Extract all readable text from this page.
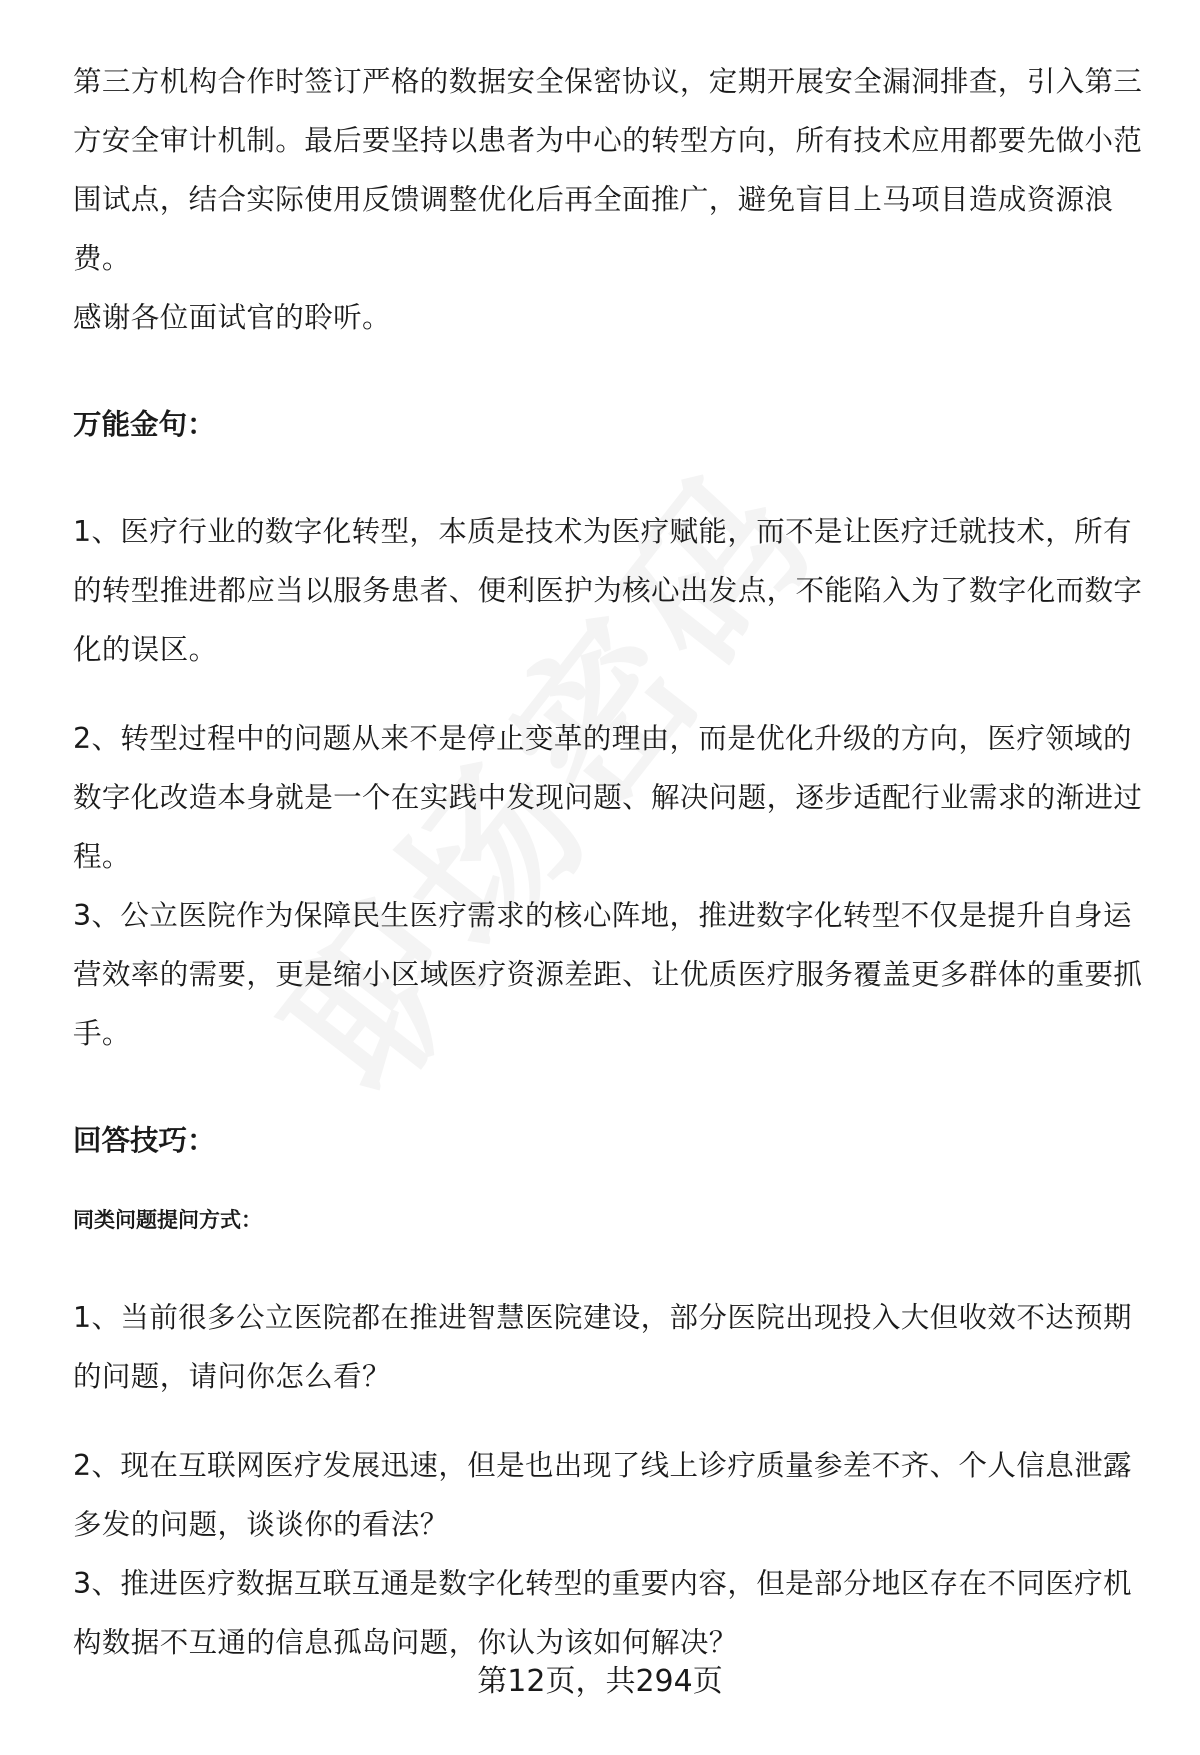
第三方机构合作时签订严格的数据安全保密协议，定期开展安全漏洞排查，引入第三方安全审计机制。最后要坚持以患者为中心的转型方向，所有技术应用都要先做小范围试点，结合实际使用反馈调整优化后再全面推广，避免盲目上马项目造成资源浪费。

感谢各位面试官的聆听。

万能金句：

1、医疗行业的数字化转型，本质是技术为医疗赋能，而不是让医疗迁就技术，所有的转型推进都应当以服务患者、便利医护为核心出发点，不能陷入为了数字化而数字化的误区。

2、转型过程中的问题从来不是停止变革的理由，而是优化升级的方向，医疗领域的数字化改造本身就是一个在实践中发现问题、解决问题，逐步适配行业需求的渐进过程。

3、公立医院作为保障民生医疗需求的核心阵地，推进数字化转型不仅是提升自身运营效率的需要，更是缩小区域医疗资源差距、让优质医疗服务覆盖更多群体的重要抓手。

回答技巧：

同类问题提问方式：

1、当前很多公立医院都在推进智慧医院建设，部分医院出现投入大但收效不达预期的问题，请问你怎么看？

2、现在互联网医疗发展迅速，但是也出现了线上诊疗质量参差不齐、个人信息泄露多发的问题，谈谈你的看法？

3、推进医疗数据互联互通是数字化转型的重要内容，但是部分地区存在不同医疗机构数据不互通的信息孤岛问题，你认为该如何解决？

第12页，共294页
